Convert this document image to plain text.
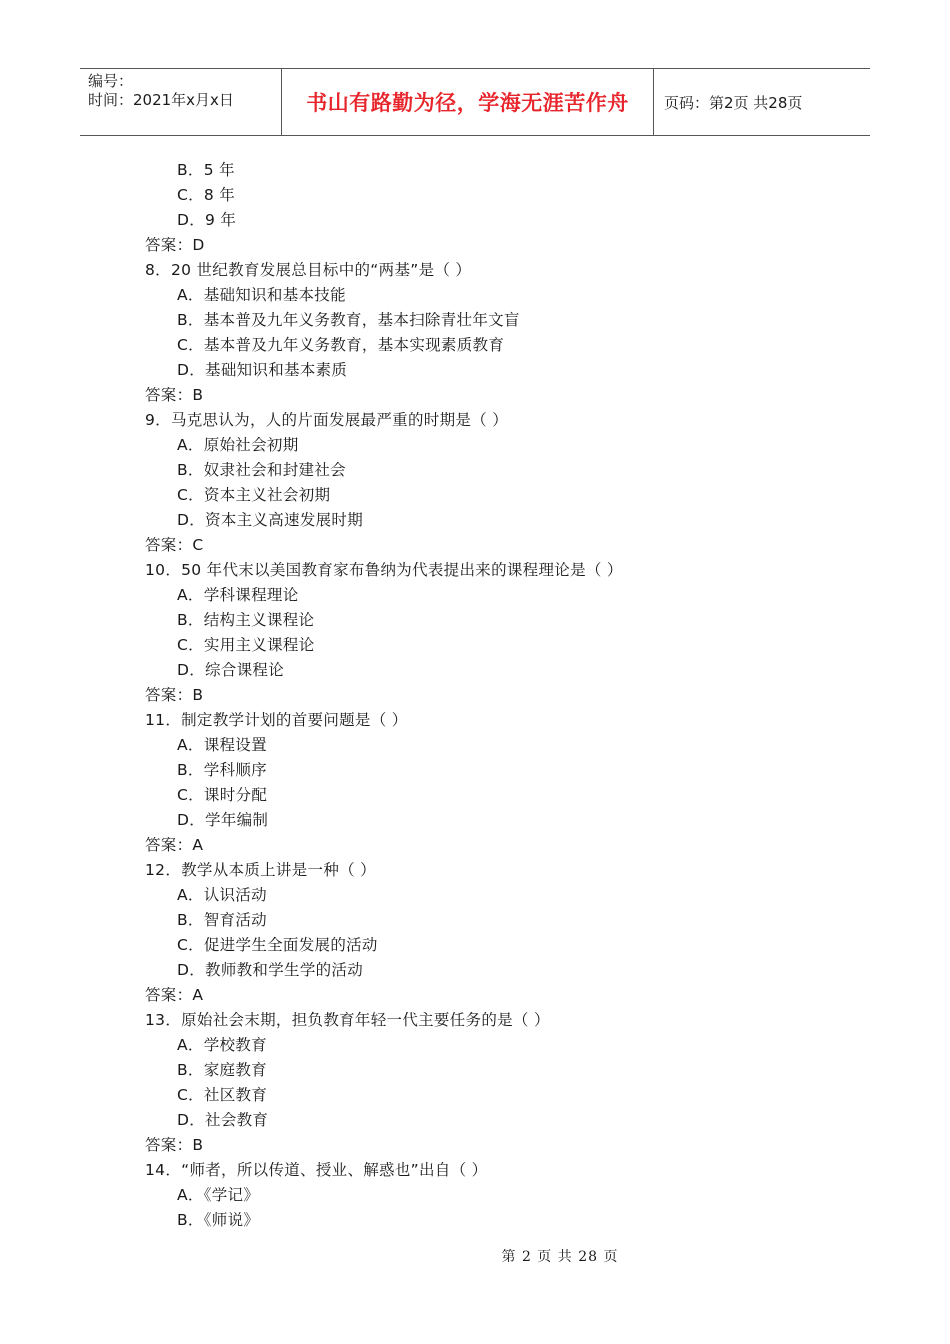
编号：
时间：2021年x月x日	书山有路勤为径，学海无涯苦作舟 页码：第2页 共28页
B．5 年
C．8 年
D．9 年
答案：D
8．20 世纪教育发展总目标中的“两基”是（ ）
A．基础知识和基本技能
B．基本普及九年义务教育，基本扫除青壮年文盲
C．基本普及九年义务教育，基本实现素质教育
D．基础知识和基本素质
答案：B
9．马克思认为，人的片面发展最严重的时期是（ ）
A．原始社会初期
B．奴隶社会和封建社会
C．资本主义社会初期
D．资本主义高速发展时期
答案：C
10．50 年代末以美国教育家布鲁纳为代表提出来的课程理论是（ ）
A．学科课程理论
B．结构主义课程论
C．实用主义课程论
D．综合课程论
答案：B
11．制定教学计划的首要问题是（ ）
A．课程设置
B．学科顺序
C．课时分配
D．学年编制
答案：A
12．教学从本质上讲是一种（ ）
A．认识活动
B．智育活动
C．促进学生全面发展的活动
D．教师教和学生学的活动
答案：A
13．原始社会末期，担负教育年轻一代主要任务的是（ ）
A．学校教育
B．家庭教育
C．社区教育
D．社会教育
答案：B
14．“师者，所以传道、授业、解惑也”出自（ ）
A．《学记》
B．《师说》
第 2 页 共 28 页
